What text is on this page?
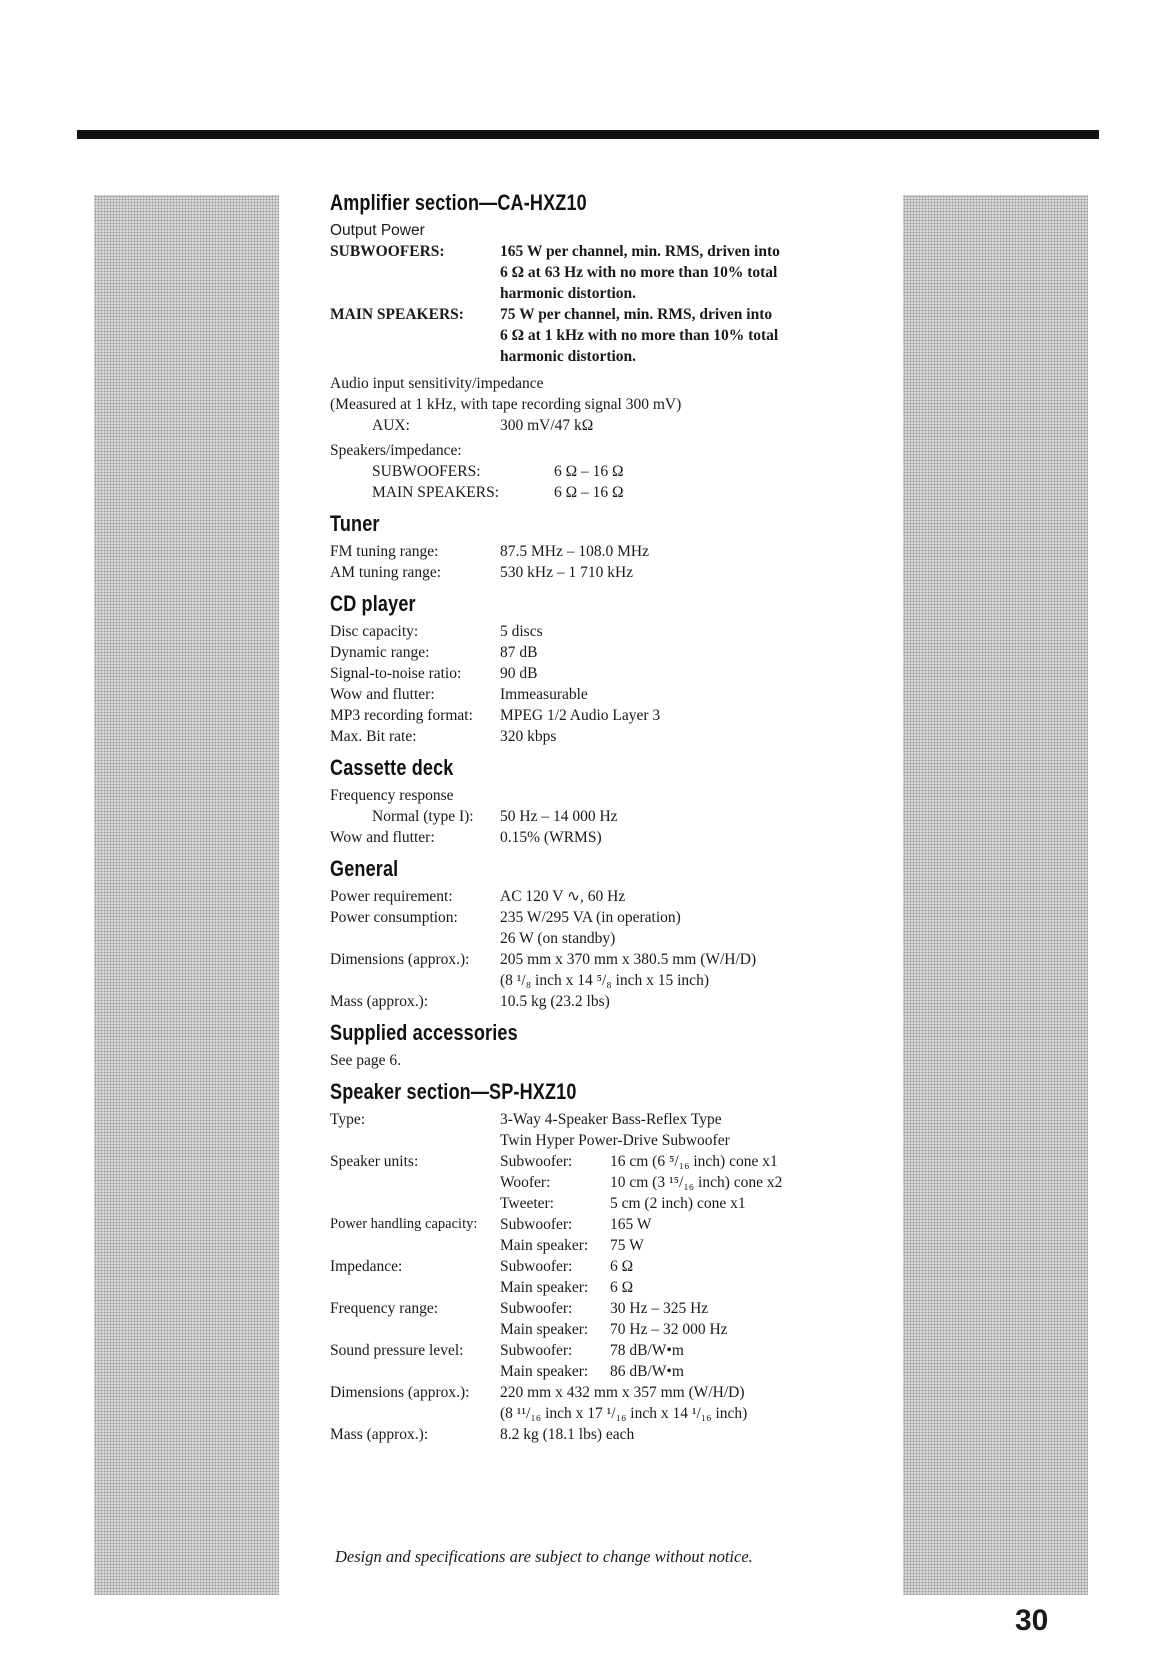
Amplifier section—CA-HXZ10
Output Power
SUBWOOFERS:	165 W per channel, min. RMS, driven into
6 Ω at 63 Hz with no more than 10% total
harmonic distortion.
MAIN SPEAKERS: 75 W per channel, min. RMS, driven into
6 Ω at 1 kHz with no more than 10% total
harmonic distortion.
Audio input sensitivity/impedance
(Measured at 1 kHz, with tape recording signal 300 mV)
AUX:	300 mV/47 kΩ
Speakers/impedance:
SUBWOOFERS:	6 Ω – 16 Ω
MAIN SPEAKERS:	6 Ω – 16 Ω
Tuner
FM tuning range:	87.5 MHz – 108.0 MHz
AM tuning range:	530 kHz – 1 710 kHz
CD player
Disc capacity:	5 discs
Dynamic range:	87 dB
Signal-to-noise ratio: 90 dB
Wow and flutter:	Immeasurable
MP3 recording format: MPEG 1/2 Audio Layer 3
Max. Bit rate:	320 kbps
Cassette deck
Frequency response
Normal (type I): 50 Hz – 14 000 Hz
Wow and flutter:	0.15% (WRMS)
General
Power requirement:	AC 120 V ∿, 60 Hz
Power consumption:	235 W/295 VA (in operation)
26 W (on standby)
Dimensions (approx.): 205 mm x 370 mm x 380.5 mm (W/H/D)
(8 ¹/₈ inch x 14 ⁵/₈ inch x 15 inch)
Mass (approx.):	10.5 kg (23.2 lbs)
Supplied accessories
See page 6.
Speaker section—SP-HXZ10
Type:	3-Way 4-Speaker Bass-Reflex Type
Twin Hyper Power-Drive Subwoofer
Speaker units:	Subwoofer: 16 cm (6 ⁵/₁₆ inch) cone x1
Woofer:	10 cm (3 ¹⁵/₁₆ inch) cone x2
Tweeter:	5 cm (2 inch) cone x1
Power handling capacity: Subwoofer: 165 W
Main speaker: 75 W
Impedance:	Subwoofer: 6 Ω
Main speaker: 6 Ω
Frequency range:	Subwoofer: 30 Hz – 325 Hz
Main speaker: 70 Hz – 32 000 Hz
Sound pressure level: Subwoofer: 78 dB/W•m
Main speaker: 86 dB/W•m
Dimensions (approx.): 220 mm x 432 mm x 357 mm (W/H/D)
(8 ¹¹/₁₆ inch x 17 ¹/₁₆ inch x 14 ¹/₁₆ inch)
Mass (approx.):	8.2 kg (18.1 lbs) each
Design and specifications are subject to change without notice.
30
